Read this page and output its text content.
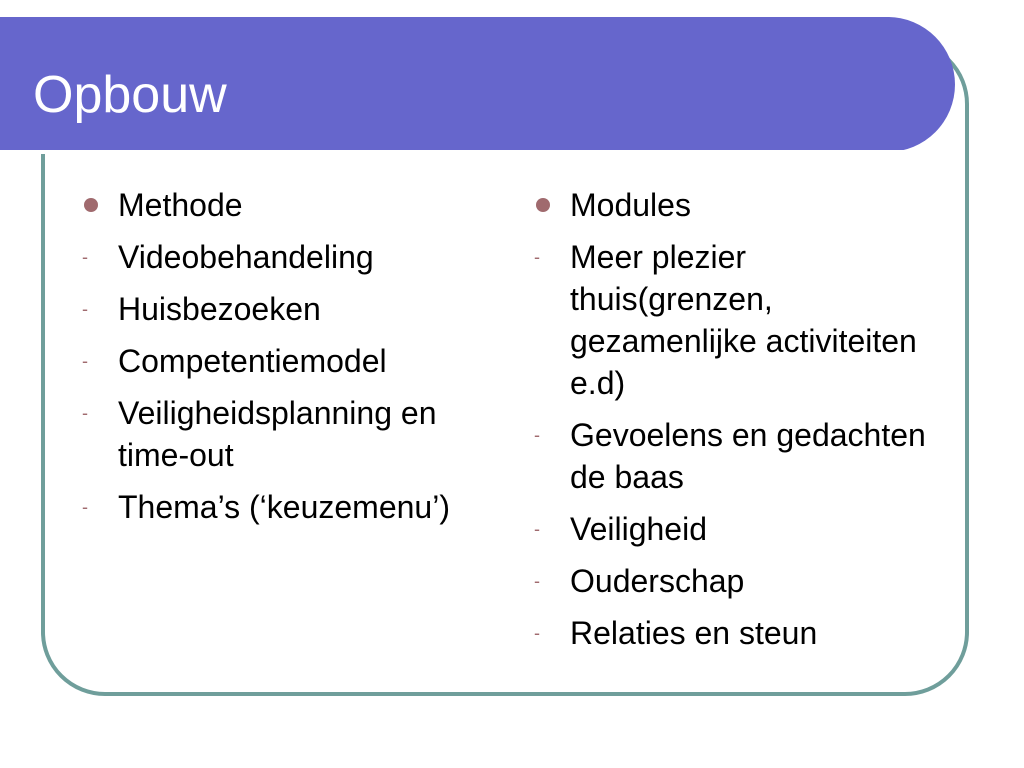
Opbouw
Methode
- Videobehandeling
- Huisbezoeken
- Competentiemodel
- Veiligheidsplanning en time-out
- Thema’s (‘keuzemenu’)
Modules
- Meer plezier thuis(grenzen, gezamenlijke activiteiten e.d)
- Gevoelens en gedachten de baas
- Veiligheid
- Ouderschap
- Relaties en steun
